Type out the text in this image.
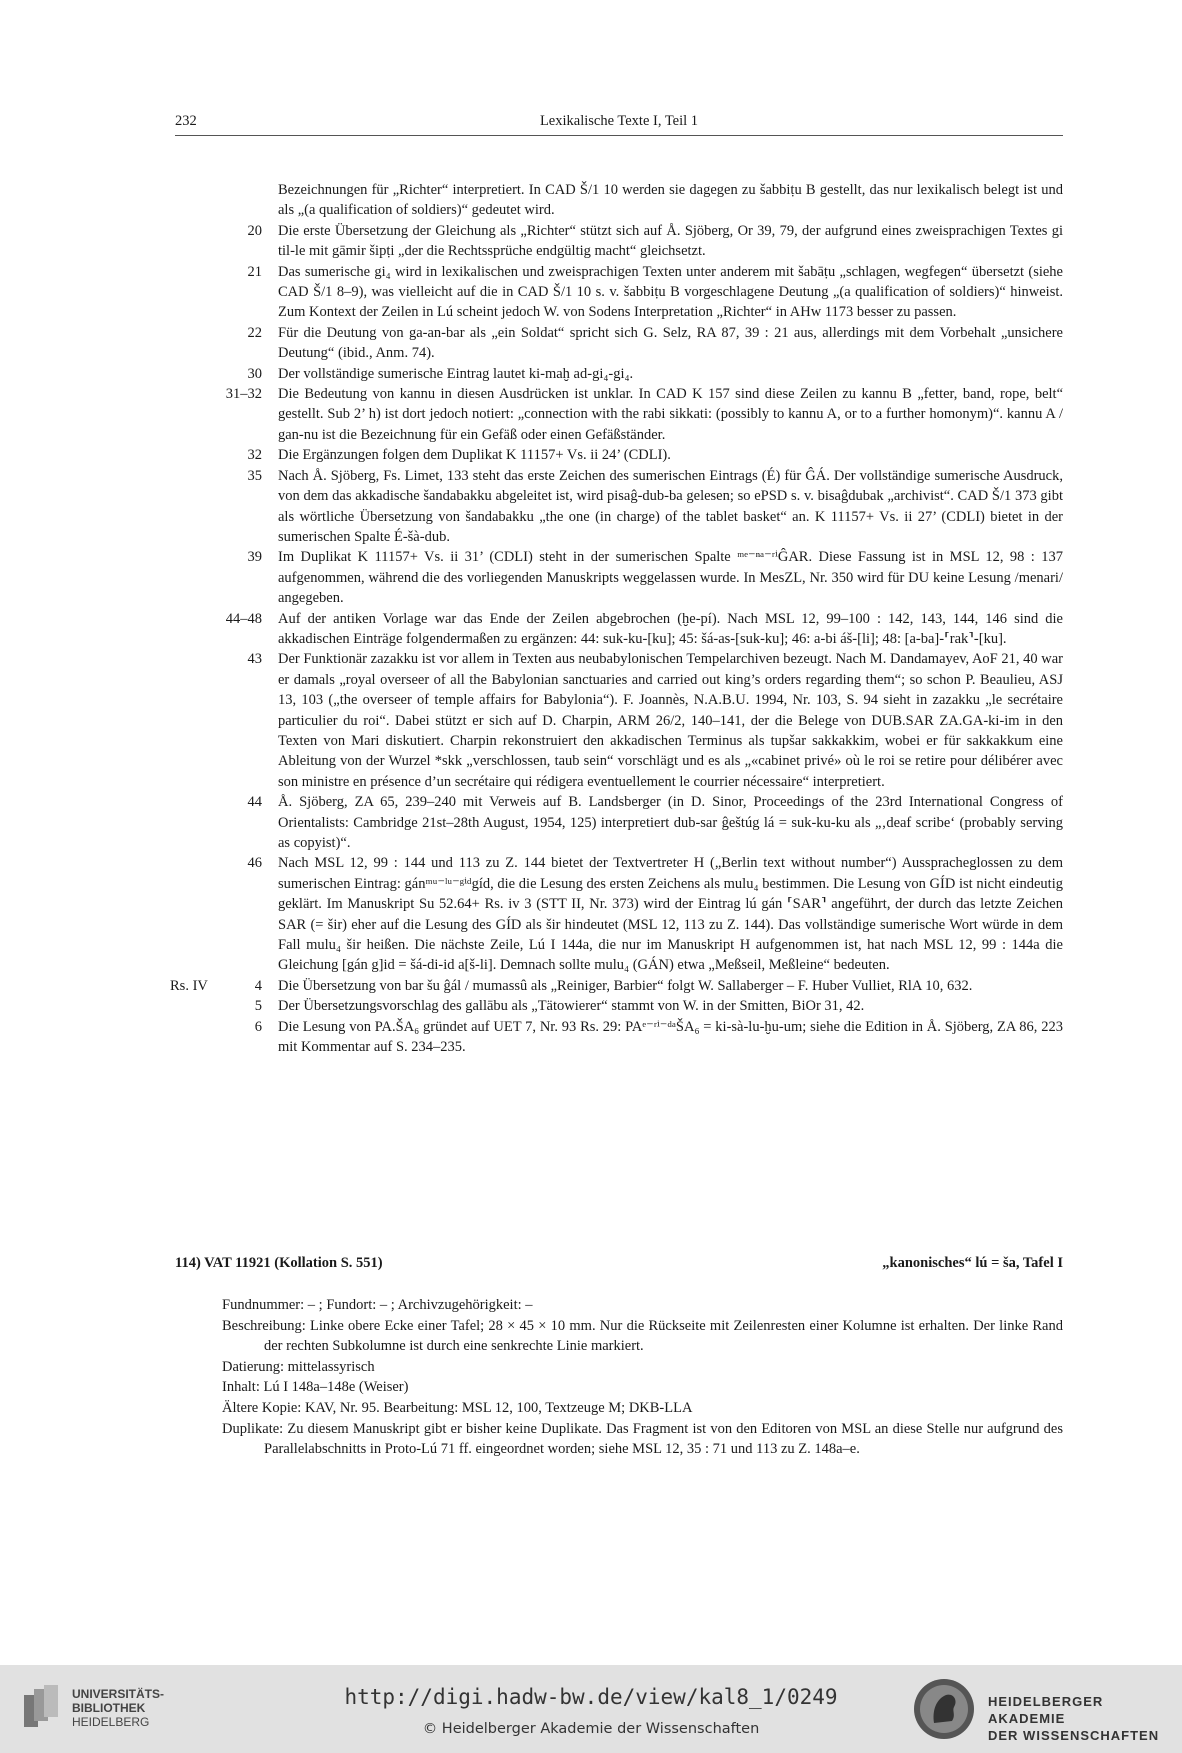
232	Lexikalische Texte I, Teil 1
Bezeichnungen für „Richter“ interpretiert. In CAD Š/1 10 werden sie dagegen zu šabbiṭu B gestellt, das nur lexikalisch belegt ist und als „(a qualification of soldiers)“ gedeutet wird.
20	Die erste Übersetzung der Gleichung als „Richter“ stützt sich auf Å. Sjöberg, Or 39, 79, der aufgrund eines zweisprachigen Textes gi til-le mit gāmir šipṭi „der die Rechtssprüche endgültig macht“ gleichsetzt.
21	Das sumerische gi₄ wird in lexikalischen und zweisprachigen Texten unter anderem mit šabāṭu „schlagen, wegfegen“ übersetzt (siehe CAD Š/1 8–9), was vielleicht auf die in CAD Š/1 10 s. v. šabbiṭu B vorgeschlagene Deutung „(a qualification of soldiers)“ hinweist. Zum Kontext der Zeilen in Lú scheint jedoch W. von Sodens Interpretation „Richter“ in AHw 1173 besser zu passen.
22	Für die Deutung von ga-an-bar als „ein Soldat“ spricht sich G. Selz, RA 87, 39 : 21 aus, allerdings mit dem Vorbehalt „unsichere Deutung“ (ibid., Anm. 74).
30	Der vollständige sumerische Eintrag lautet ki-maḫ ad-gi₄-gi₄.
31–32	Die Bedeutung von kannu in diesen Ausdrücken ist unklar. In CAD K 157 sind diese Zeilen zu kannu B „fetter, band, rope, belt“ gestellt. Sub 2’ h) ist dort jedoch notiert: „connection with the rabi sikkati: (possibly to kannu A, or to a further homonym)“. kannu A / gan-nu ist die Bezeichnung für ein Gefäß oder einen Gefäßständer.
32	Die Ergänzungen folgen dem Duplikat K 11157+ Vs. ii 24’ (CDLI).
35	Nach Å. Sjöberg, Fs. Limet, 133 steht das erste Zeichen des sumerischen Eintrags (É) für ĜÁ. Der vollständige sumerische Ausdruck, von dem das akkadische šandabakku abgeleitet ist, wird pisaĝ-dub-ba gelesen; so ePSD s. v. bisaĝdubak „archivist“. CAD Š/1 373 gibt als wörtliche Übersetzung von šandabakku „the one (in charge) of the tablet basket“ an. K 11157+ Vs. ii 27’ (CDLI) bietet in der sumerischen Spalte É-šà-dub.
39	Im Duplikat K 11157+ Vs. ii 31’ (CDLI) steht in der sumerischen Spalte ᵐᵉ⁻ⁿᵃ⁻ʳⁱĜAR. Diese Fassung ist in MSL 12, 98 : 137 aufgenommen, während die des vorliegenden Manuskripts weggelassen wurde. In MesZL, Nr. 350 wird für DU keine Lesung /menari/ angegeben.
44–48	Auf der antiken Vorlage war das Ende der Zeilen abgebrochen (ḫe-pí). Nach MSL 12, 99–100 : 142, 143, 144, 146 sind die akkadischen Einträge folgendermaßen zu ergänzen: 44: suk-ku-[ku]; 45: šá-as-[suk-ku]; 46: a-bi áš-[li]; 48: [a-ba]-⸢rak⸣-[ku].
43	Der Funktionär zazakku ist vor allem in Texten aus neubabylonischen Tempelarchiven bezeugt. Nach M. Dandamayev, AoF 21, 40 war er damals „royal overseer of all the Babylonian sanctuaries and carried out king’s orders regarding them“; so schon P. Beaulieu, ASJ 13, 103 („the overseer of temple affairs for Babylonia“). F. Joannès, N.A.B.U. 1994, Nr. 103, S. 94 sieht in zazakku „le secrétaire particulier du roi“. Dabei stützt er sich auf D. Charpin, ARM 26/2, 140–141, der die Belege von DUB.SAR ZA.GA-ki-im in den Texten von Mari diskutiert. Charpin rekonstruiert den akkadischen Terminus als tupšar sakkakkim, wobei er für sakkakkum eine Ableitung von der Wurzel *skk „verschlossen, taub sein“ vorschlägt und es als „«cabinet privé» où le roi se retire pour délibérer avec son ministre en présence d’un secrétaire qui rédigera eventuellement le courrier nécessaire“ interpretiert.
44	Å. Sjöberg, ZA 65, 239–240 mit Verweis auf B. Landsberger (in D. Sinor, Proceedings of the 23rd International Congress of Orientalists: Cambridge 21st–28th August, 1954, 125) interpretiert dub-sar ĝeštúg lá = suk-ku-ku als „‚deaf scribe‘ (probably serving as copyist)“.
46	Nach MSL 12, 99 : 144 und 113 zu Z. 144 bietet der Textvertreter H („Berlin text without number“) Ausspracheglossen zu dem sumerischen Eintrag: gánᵐᵘ⁻ˡᵘ⁻ᵍⁱᵈgíd, die die Lesung des ersten Zeichens als mulu₄ bestimmen. Die Lesung von GÍD ist nicht eindeutig geklärt. Im Manuskript Su 52.64+ Rs. iv 3 (STT II, Nr. 373) wird der Eintrag lú gán ⸢SAR⸣ angeführt, der durch das letzte Zeichen SAR (= šir) eher auf die Lesung des GÍD als šir hindeutet (MSL 12, 113 zu Z. 144). Das vollständige sumerische Wort würde in dem Fall mulu₄ šir heißen. Die nächste Zeile, Lú I 144a, die nur im Manuskript H aufgenommen ist, hat nach MSL 12, 99 : 144a die Gleichung [gán g]id = šá-di-id a[š-li]. Demnach sollte mulu₄ (GÁN) etwa „Meßseil, Meßleine“ bedeuten.
Rs. IV	4	Die Übersetzung von bar šu ĝál / mumassû als „Reiniger, Barbier“ folgt W. Sallaberger – F. Huber Vulliet, RlA 10, 632.
5	Der Übersetzungsvorschlag des gallābu als „Tätowierer“ stammt von W. in der Smitten, BiOr 31, 42.
6	Die Lesung von PA.ŠA₆ gründet auf UET 7, Nr. 93 Rs. 29: PAᵉ⁻ʳⁱ⁻ᵈᵃŠA₆ = ki-sà-lu-ḫu-um; siehe die Edition in Å. Sjöberg, ZA 86, 223 mit Kommentar auf S. 234–235.
114) VAT 11921 (Kollation S. 551)	„kanonisches“ lú = ša, Tafel I
Fundnummer: – ; Fundort: – ; Archivzugehörigkeit: –
Beschreibung: Linke obere Ecke einer Tafel; 28 × 45 × 10 mm. Nur die Rückseite mit Zeilenresten einer Kolumne ist erhalten. Der linke Rand der rechten Subkolumne ist durch eine senkrechte Linie markiert.
Datierung: mittelassyrisch
Inhalt: Lú I 148a–148e (Weiser)
Ältere Kopie: KAV, Nr. 95. Bearbeitung: MSL 12, 100, Textzeuge M; DKB-LLA
Duplikate: Zu diesem Manuskript gibt er bisher keine Duplikate. Das Fragment ist von den Editoren von MSL an diese Stelle nur aufgrund des Parallelabschnitts in Proto-Lú 71 ff. eingeordnet worden; siehe MSL 12, 35 : 71 und 113 zu Z. 148a–e.
UNIVERSITÄTS-
BIBLIOTHEK
HEIDELBERG
http://digi.hadw-bw.de/view/kal8_1/0249
© Heidelberger Akademie der Wissenschaften
HEIDELBERGER AKADEMIE
DER WISSENSCHAFTEN
